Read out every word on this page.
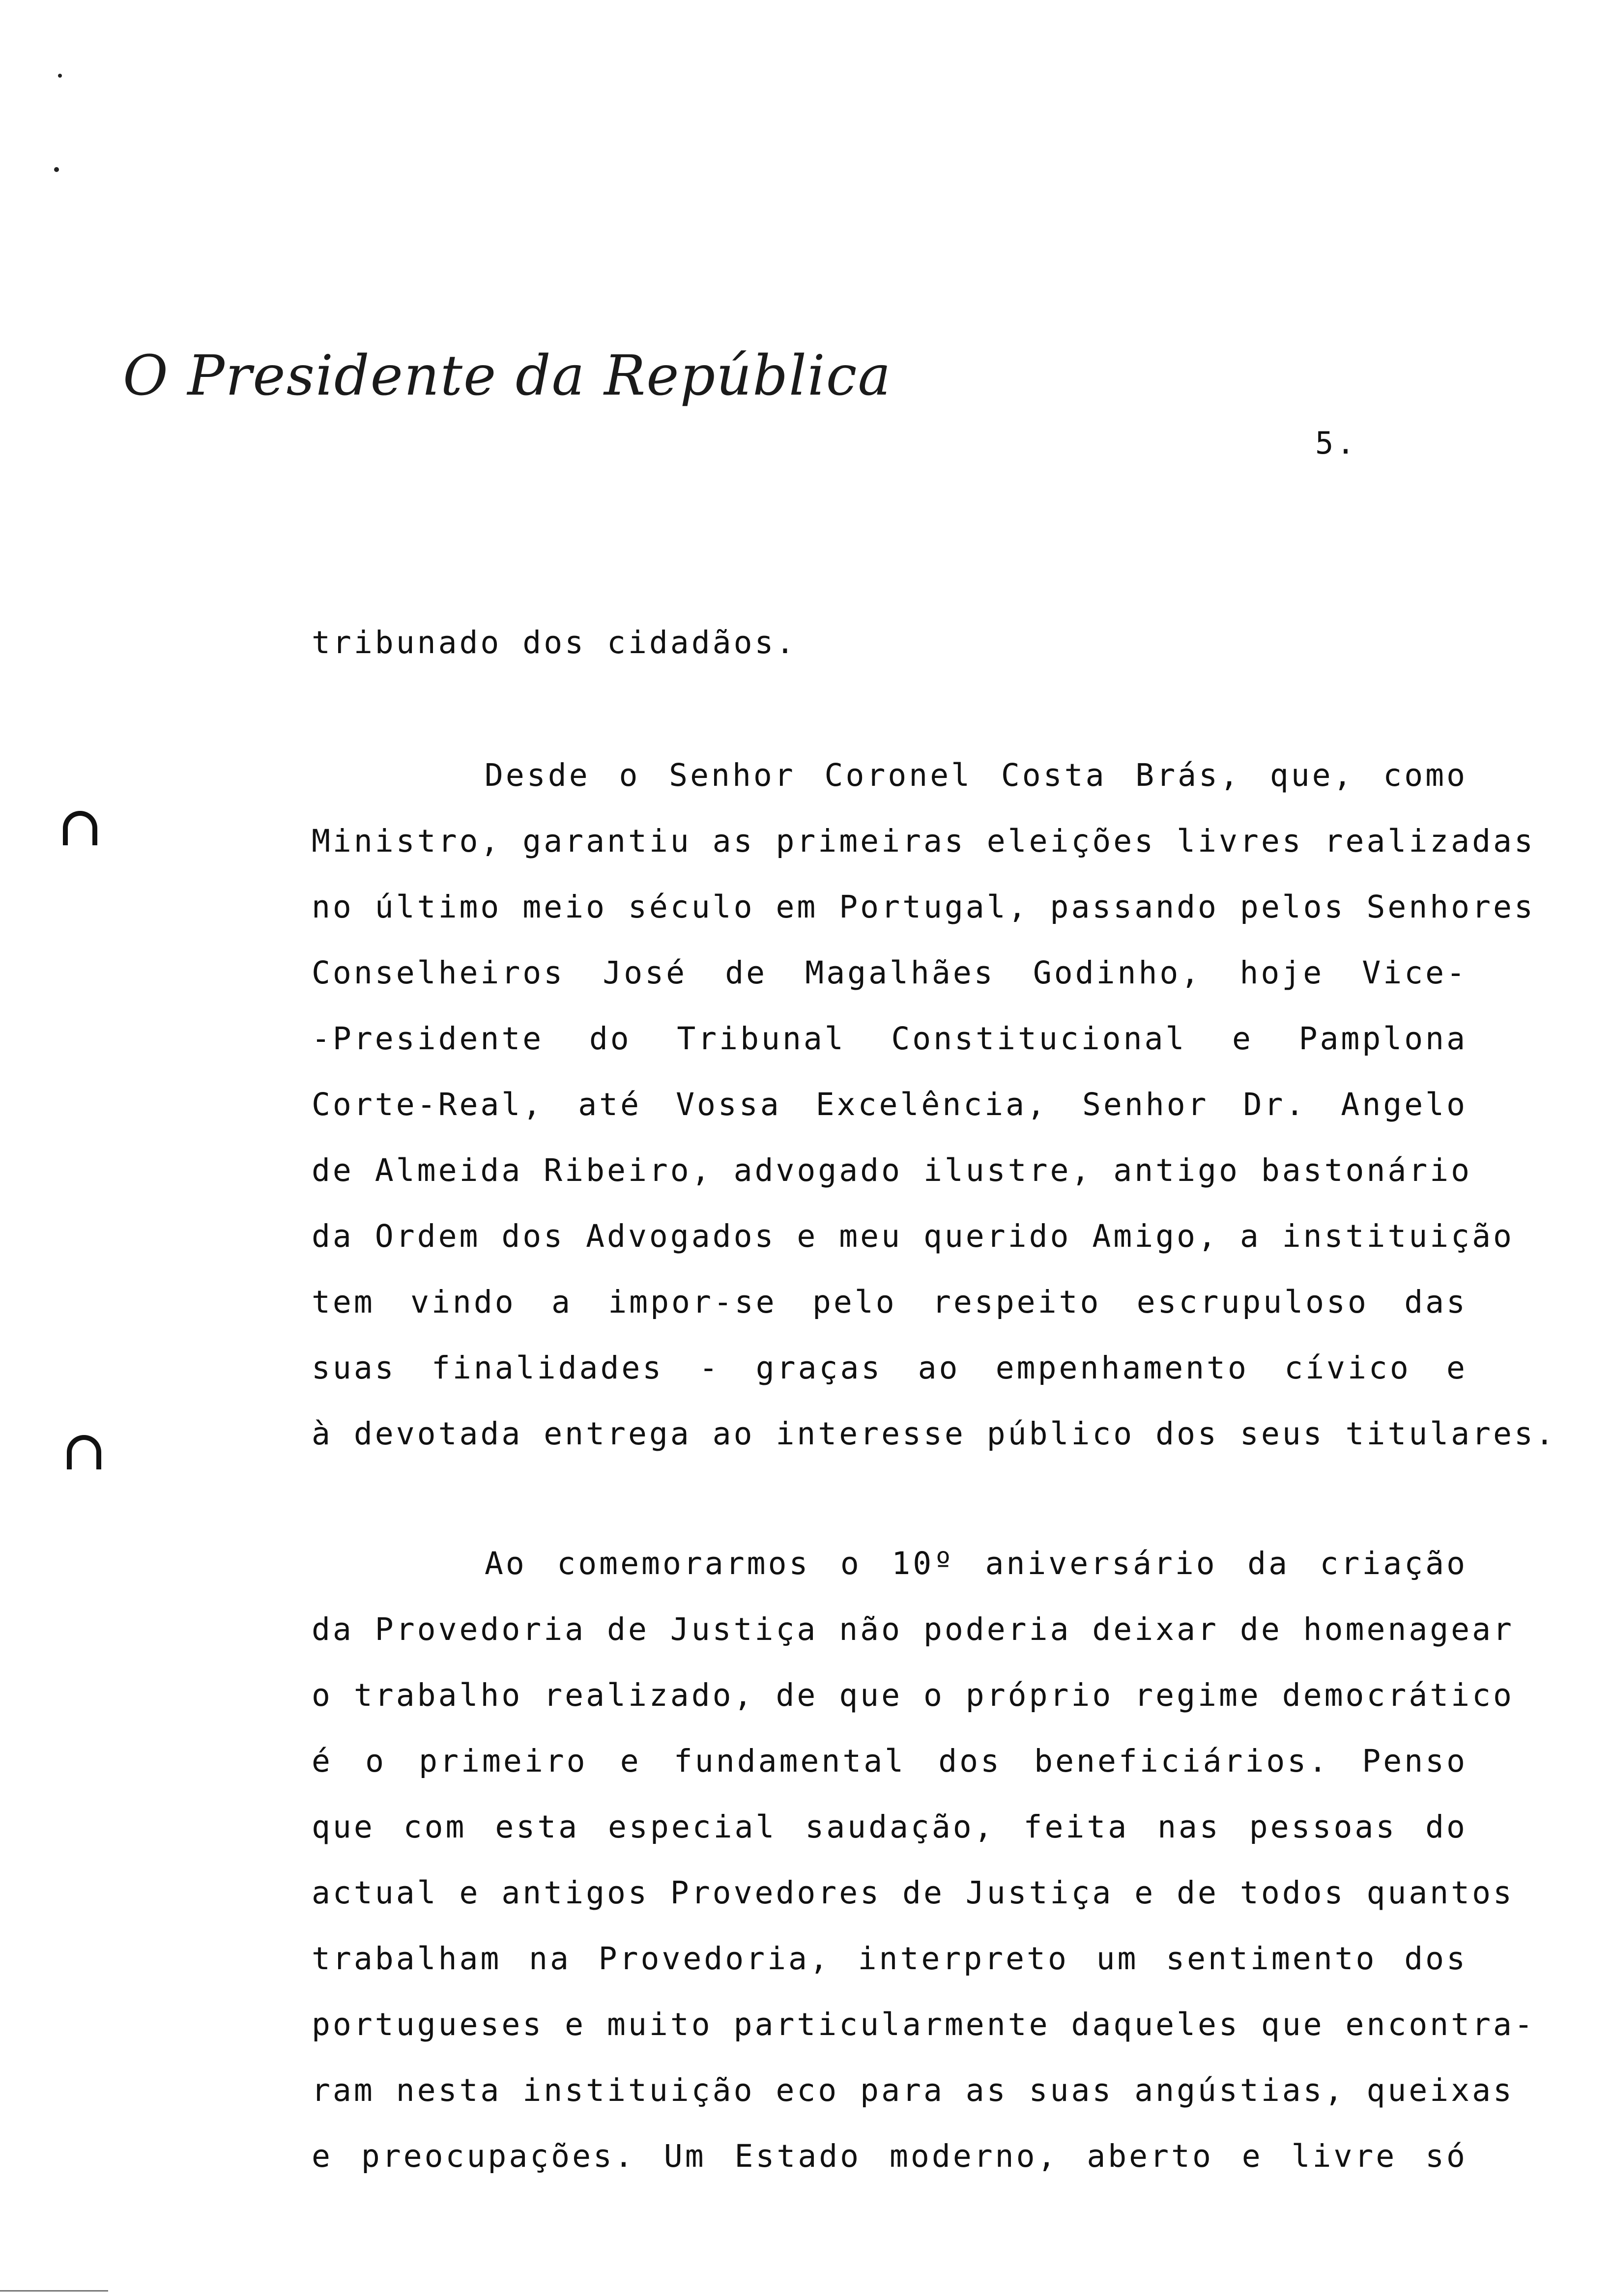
O Presidente da República
5.
tribunado dos cidadãos.
Desde o Senhor Coronel Costa Brás, que, como
Ministro, garantiu as primeiras eleições livres realizadas
no último meio século em Portugal, passando pelos Senhores
Conselheiros José de Magalhães Godinho, hoje Vice-
-Presidente do Tribunal Constitucional e Pamplona
Corte-Real, até Vossa Excelência, Senhor Dr. Angelo
de Almeida Ribeiro, advogado ilustre, antigo bastonário
da Ordem dos Advogados e meu querido Amigo, a instituição
tem vindo a impor-se pelo respeito escrupuloso das
suas finalidades - graças ao empenhamento cívico e
à devotada entrega ao interesse público dos seus titulares.
Ao comemorarmos o 10º aniversário da criação
da Provedoria de Justiça não poderia deixar de homenagear
o trabalho realizado, de que o próprio regime democrático
é o primeiro e fundamental dos beneficiários. Penso
que com esta especial saudação, feita nas pessoas do
actual e antigos Provedores de Justiça e de todos quantos
trabalham na Provedoria, interpreto um sentimento dos
portugueses e muito particularmente daqueles que encontra-
ram nesta instituição eco para as suas angústias, queixas
e preocupações. Um Estado moderno, aberto e livre só
